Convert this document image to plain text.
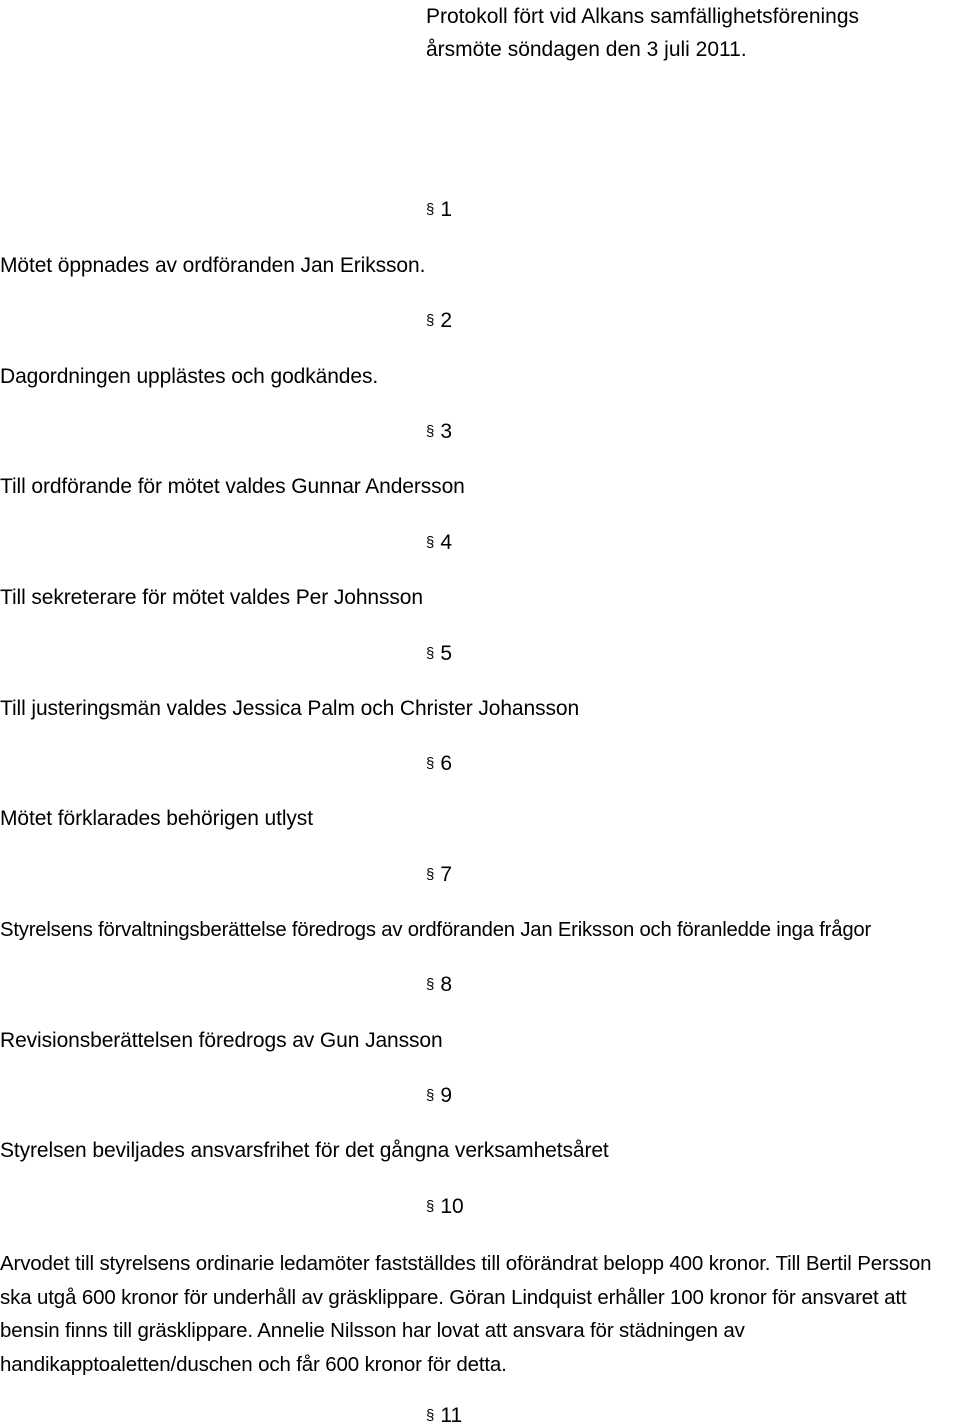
Protokoll fört vid Alkans samfällighetsförenings
årsmöte söndagen den 3 juli 2011.
§ 1
Mötet öppnades av ordföranden Jan Eriksson.
§ 2
Dagordningen upplästes och godkändes.
§ 3
Till ordförande för mötet valdes Gunnar Andersson
§ 4
Till sekreterare för mötet valdes Per Johnsson
§ 5
Till justeringsmän valdes Jessica Palm och Christer Johansson
§ 6
Mötet förklarades behörigen utlyst
§ 7
Styrelsens förvaltningsberättelse föredrogs av ordföranden Jan Eriksson och föranledde inga frågor
§ 8
Revisionsberättelsen föredrogs av Gun Jansson
§ 9
Styrelsen beviljades ansvarsfrihet för det gångna verksamhetsåret
§ 10
Arvodet till styrelsens ordinarie ledamöter fastställdes till oförändrat belopp 400 kronor. Till Bertil Persson ska utgå 600 kronor för underhåll av gräsklippare. Göran Lindquist erhåller 100 kronor för ansvaret att bensin finns till gräsklippare. Annelie Nilsson har lovat att ansvara för städningen av handikapptoaletten/duschen och får 600 kronor för detta.
§ 11
